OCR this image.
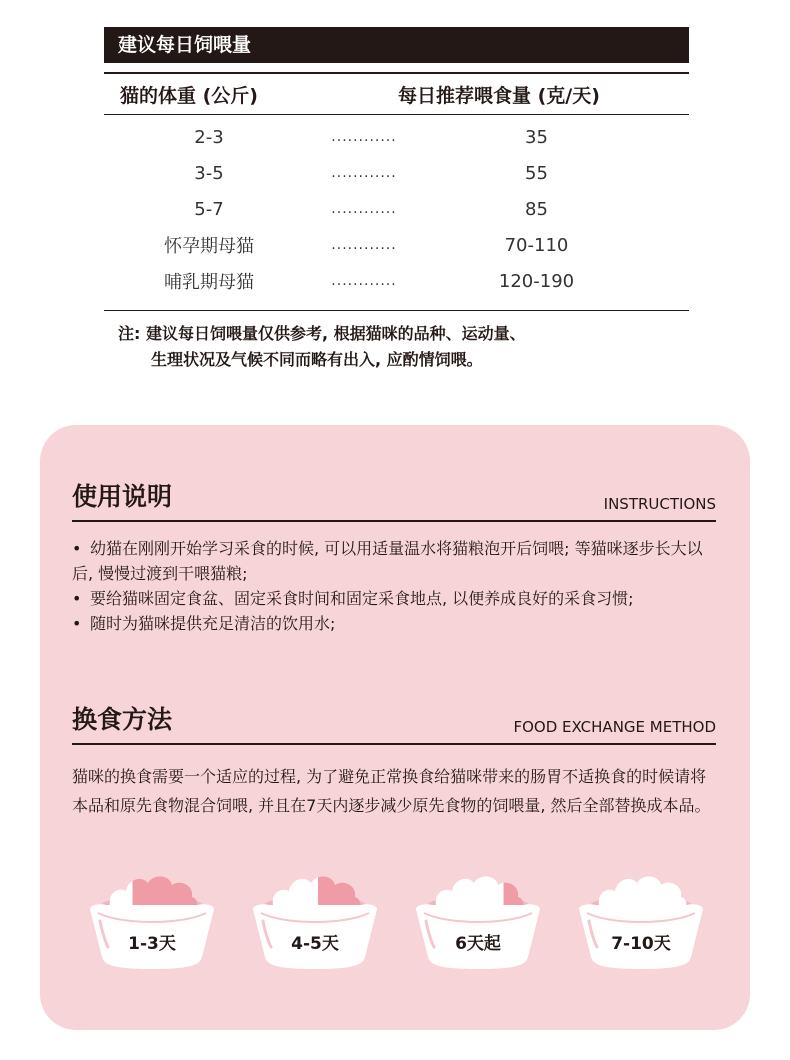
建议每日饲喂量
猫的体重 (公斤)	每日推荐喂食量 (克/天)
2-3	............	35
3-5	............	55
5-7	............	85
怀孕期母猫	............	70-110
哺乳期母猫	............	120-190
注: 建议每日饲喂量仅供参考, 根据猫咪的品种、运动量、
生理状况及气候不同而略有出入, 应酌情饲喂。
使用说明	INSTRUCTIONS

• 幼猫在刚刚开始学习采食的时候, 可以用适量温水将猫粮泡开后饲喂; 等猫咪逐步长大以后, 慢慢过渡到干喂猫粮;

• 要给猫咪固定食盆、固定采食时间和固定采食地点, 以便养成良好的采食习惯;

• 随时为猫咪提供充足清洁的饮用水;

换食方法	FOOD EXCHANGE METHOD
猫咪的换食需要一个适应的过程, 为了避免正常换食给猫咪带来的肠胃不适换食的时候请将本品和原先食物混合饲喂, 并且在7天内逐步减少原先食物的饲喂量, 然后全部替换成本品。
1-3天	4-5天	6天起	7-10天
